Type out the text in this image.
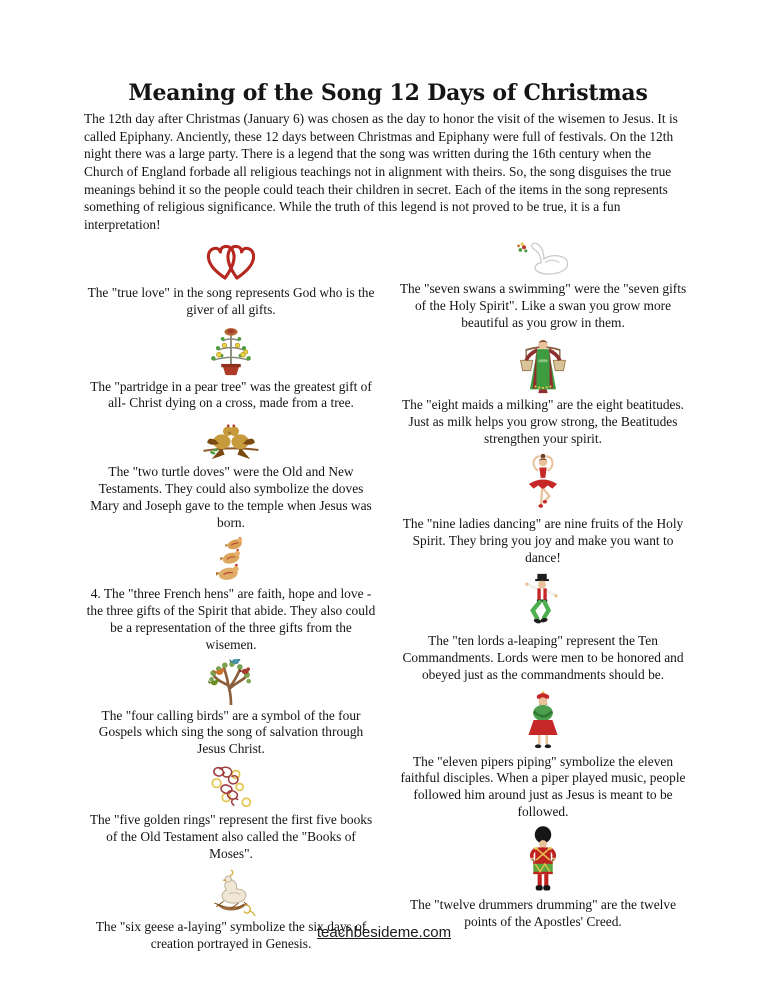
Meaning of the Song 12 Days of Christmas

The 12th day after Christmas (January 6) was chosen as the day to honor the visit of the wisemen to Jesus. It is called Epiphany. Anciently, these 12 days between Christmas and Epiphany were full of festivals. On the 12th night there was a large party. There is a legend that the song was written during the 16th century when the Church of England forbade all religious teachings not in alignment with theirs. So, the song disguises the true meanings behind it so the people could teach their children in secret. Each of the items in the song represents something of religious significance. While the truth of this legend is not proved to be true, it is a fun interpretation!

The "true love" in the song represents God who is the giver of all gifts.

The "partridge in a pear tree" was the greatest gift of all- Christ dying on a cross, made from a tree.

The "two turtle doves" were the Old and New Testaments. They could also symbolize the doves Mary and Joseph gave to the temple when Jesus was born.

4. The "three French hens" are faith, hope and love - the three gifts of the Spirit that abide. They also could be a representation of the three gifts from the wisemen.

The "four calling birds" are a symbol of the four Gospels which sing the song of salvation through Jesus Christ.

The "five golden rings" represent the first five books of the Old Testament also called the "Books of Moses".

The "six geese a-laying" symbolize the six days of creation portrayed in Genesis.

The "seven swans a swimming" were the "seven gifts of the Holy Spirit". Like a swan you grow more beautiful as you grow in them.

The "eight maids a milking" are the eight beatitudes. Just as milk helps you grow strong, the Beatitudes strengthen your spirit.

The "nine ladies dancing" are nine fruits of the Holy Spirit. They bring you joy and make you want to dance!

The "ten lords a-leaping" represent the Ten Commandments. Lords were men to be honored and obeyed just as the commandments should be.

The "eleven pipers piping" symbolize the eleven faithful disciples. When a piper played music, people followed him around just as Jesus is meant to be followed.

The "twelve drummers drumming" are the twelve points of the Apostles' Creed.

teachbesideme.com
